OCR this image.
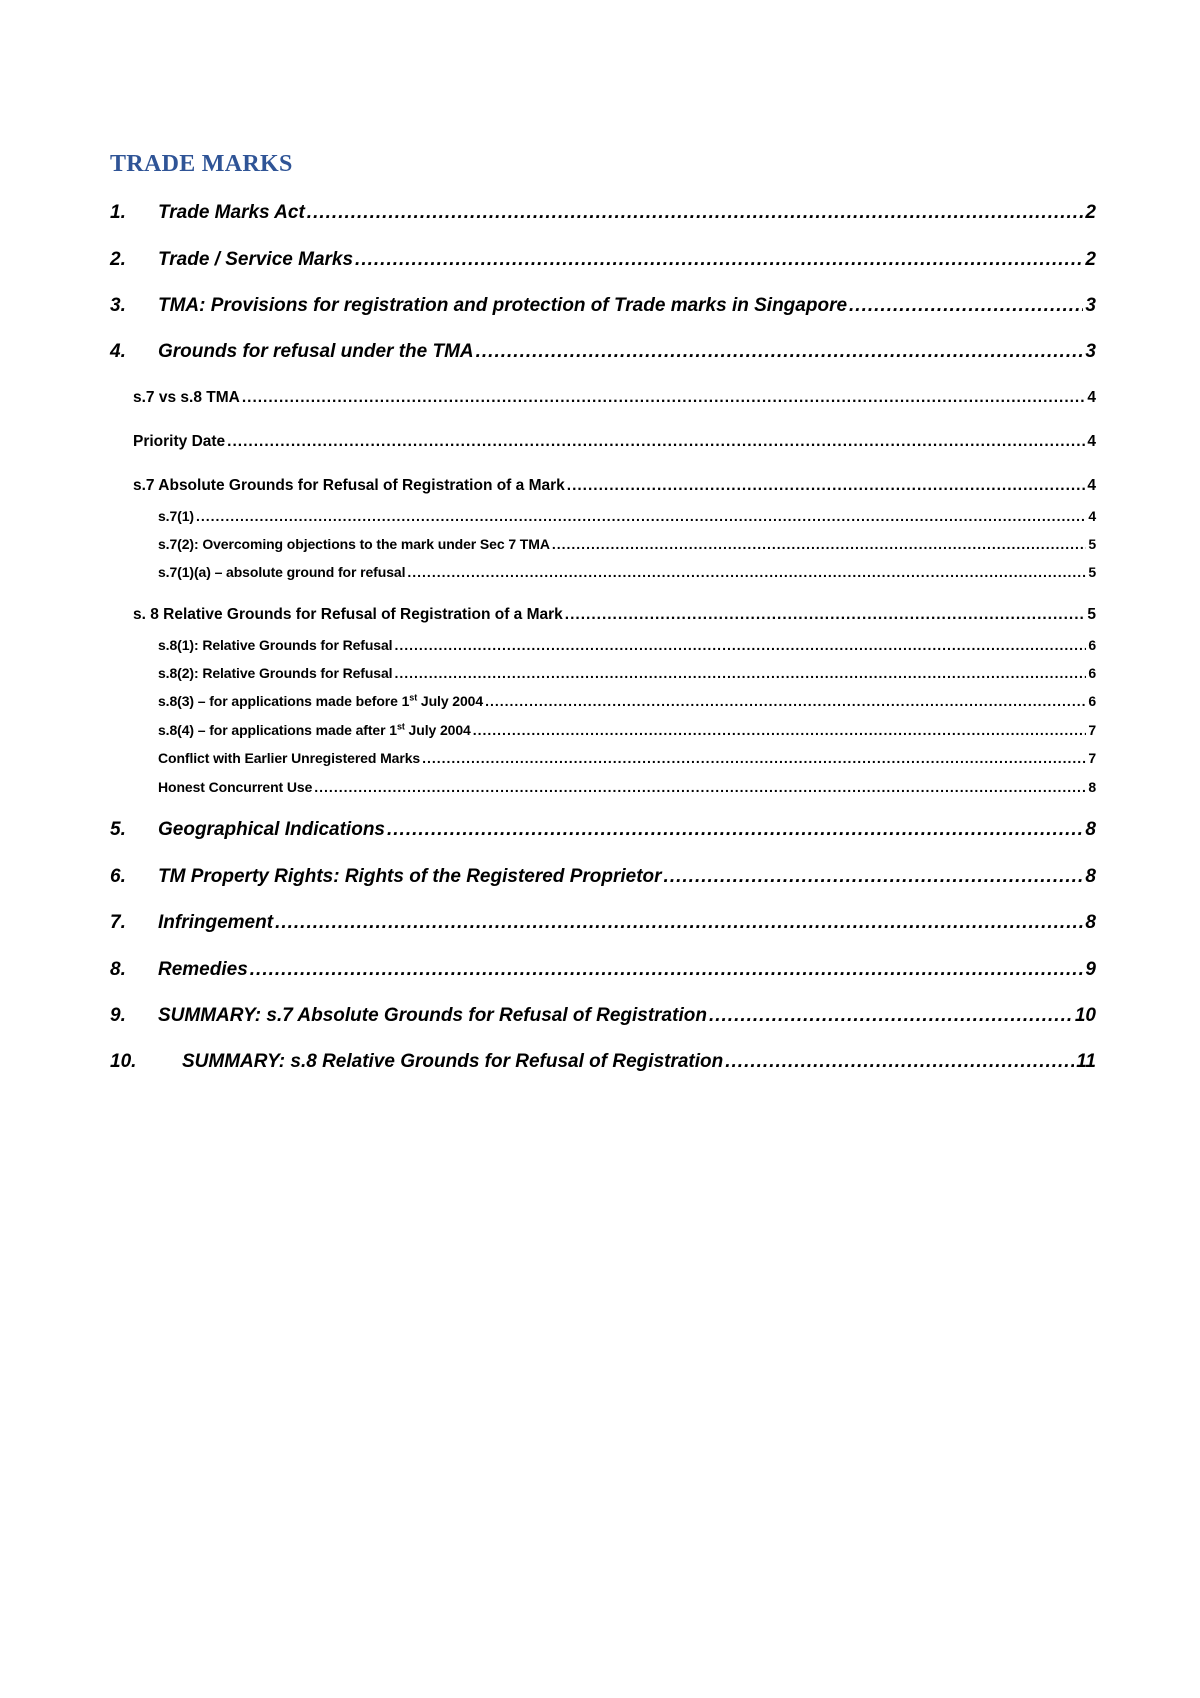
TRADE MARKS
1.	Trade Marks Act .....	2
2.	Trade / Service Marks .....	2
3.	TMA: Provisions for registration and protection of Trade marks in Singapore .....	3
4.	Grounds for refusal under the TMA .....	3
s.7 vs s.8 TMA .....	4
Priority Date .....	4
s.7 Absolute Grounds for Refusal of Registration of a Mark .....	4
s.7(1) .....	4
s.7(2): Overcoming objections to the mark under Sec 7 TMA .....	5
s.7(1)(a) – absolute ground for refusal .....	5
s. 8 Relative Grounds for Refusal of Registration of a Mark .....	5
s.8(1): Relative Grounds for Refusal .....	6
s.8(2): Relative Grounds for Refusal .....	6
s.8(3) – for applications made before 1st July 2004 .....	6
s.8(4) – for applications made after 1st July 2004 .....	7
Conflict with Earlier Unregistered Marks .....	7
Honest Concurrent Use .....	8
5.	Geographical Indications .....	8
6.	TM Property Rights: Rights of the Registered Proprietor .....	8
7.	Infringement .....	8
8.	Remedies .....	9
9.	SUMMARY: s.7 Absolute Grounds for Refusal of Registration .....	10
10.	SUMMARY: s.8 Relative Grounds for Refusal of Registration .....	11
